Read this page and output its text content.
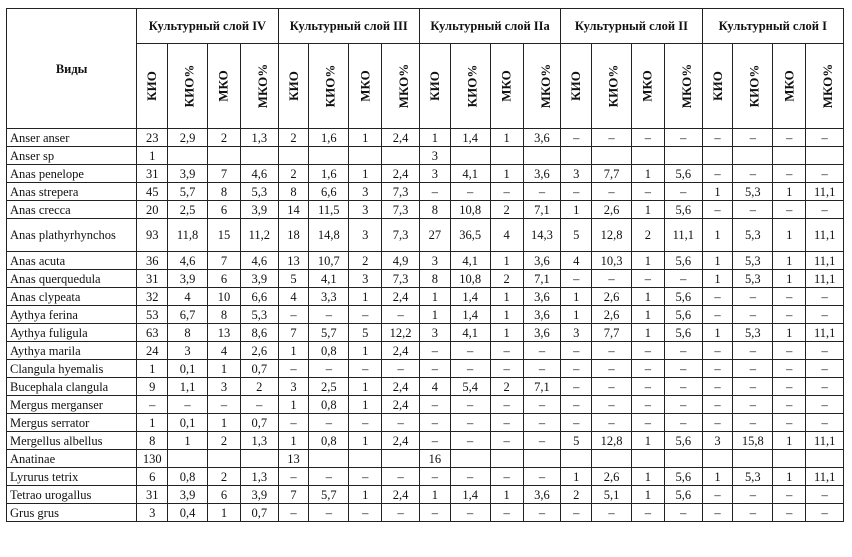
Виды	Культурный слой IV				Культурный слой III				Культурный слой IIa				Культурный слой II				Культурный слой I			
	КИО	КИО%	МКО	МКО%	КИО	КИО%	МКО	МКО%	КИО	КИО%	МКО	МКО%	КИО	КИО%	МКО	МКО%	КИО	КИО%	МКО	МКО%
Anser anser	23	2,9	2	1,3	2	1,6	1	2,4	1	1,4	1	3,6	–	–	–	–	–	–	–	–
Anser sp	1								3											
Anas penelope	31	3,9	7	4,6	2	1,6	1	2,4	3	4,1	1	3,6	3	7,7	1	5,6	–	–	–	–
Anas strepera	45	5,7	8	5,3	8	6,6	3	7,3	–	–	–	–	–	–	–	–	1	5,3	1	11,1
Anas crecca	20	2,5	6	3,9	14	11,5	3	7,3	8	10,8	2	7,1	1	2,6	1	5,6	–	–	–	–
Anas plathyrhynchos	93	11,8	15	11,2	18	14,8	3	7,3	27	36,5	4	14,3	5	12,8	2	11,1	1	5,3	1	11,1
Anas acuta	36	4,6	7	4,6	13	10,7	2	4,9	3	4,1	1	3,6	4	10,3	1	5,6	1	5,3	1	11,1
Anas querquedula	31	3,9	6	3,9	5	4,1	3	7,3	8	10,8	2	7,1	–	–	–	–	1	5,3	1	11,1
Anas clypeata	32	4	10	6,6	4	3,3	1	2,4	1	1,4	1	3,6	1	2,6	1	5,6	–	–	–	–
Aythya ferina	53	6,7	8	5,3	–	–	–	–	1	1,4	1	3,6	1	2,6	1	5,6	–	–	–	–
Aythya fuligula	63	8	13	8,6	7	5,7	5	12,2	3	4,1	1	3,6	3	7,7	1	5,6	1	5,3	1	11,1
Aythya marila	24	3	4	2,6	1	0,8	1	2,4	–	–	–	–	–	–	–	–	–	–	–	–
Clangula hyemalis	1	0,1	1	0,7	–	–	–	–	–	–	–	–	–	–	–	–	–	–	–	–
Bucephala clangula	9	1,1	3	2	3	2,5	1	2,4	4	5,4	2	7,1	–	–	–	–	–	–	–	–
Mergus merganser	–	–	–	–	1	0,8	1	2,4	–	–	–	–	–	–	–	–	–	–	–	–
Mergus serrator	1	0,1	1	0,7	–	–	–	–	–	–	–	–	–	–	–	–	–	–	–	–
Mergellus albellus	8	1	2	1,3	1	0,8	1	2,4	–	–	–	–	5	12,8	1	5,6	3	15,8	1	11,1
Anatinae	130				13				16											
Lyrurus tetrix	6	0,8	2	1,3	–	–	–	–	–	–	–	–	1	2,6	1	5,6	1	5,3	1	11,1
Tetrao urogallus	31	3,9	6	3,9	7	5,7	1	2,4	1	1,4	1	3,6	2	5,1	1	5,6	–	–	–	–
Grus grus	3	0,4	1	0,7	–	–	–	–	–	–	–	–	–	–	–	–	–	–	–	–
